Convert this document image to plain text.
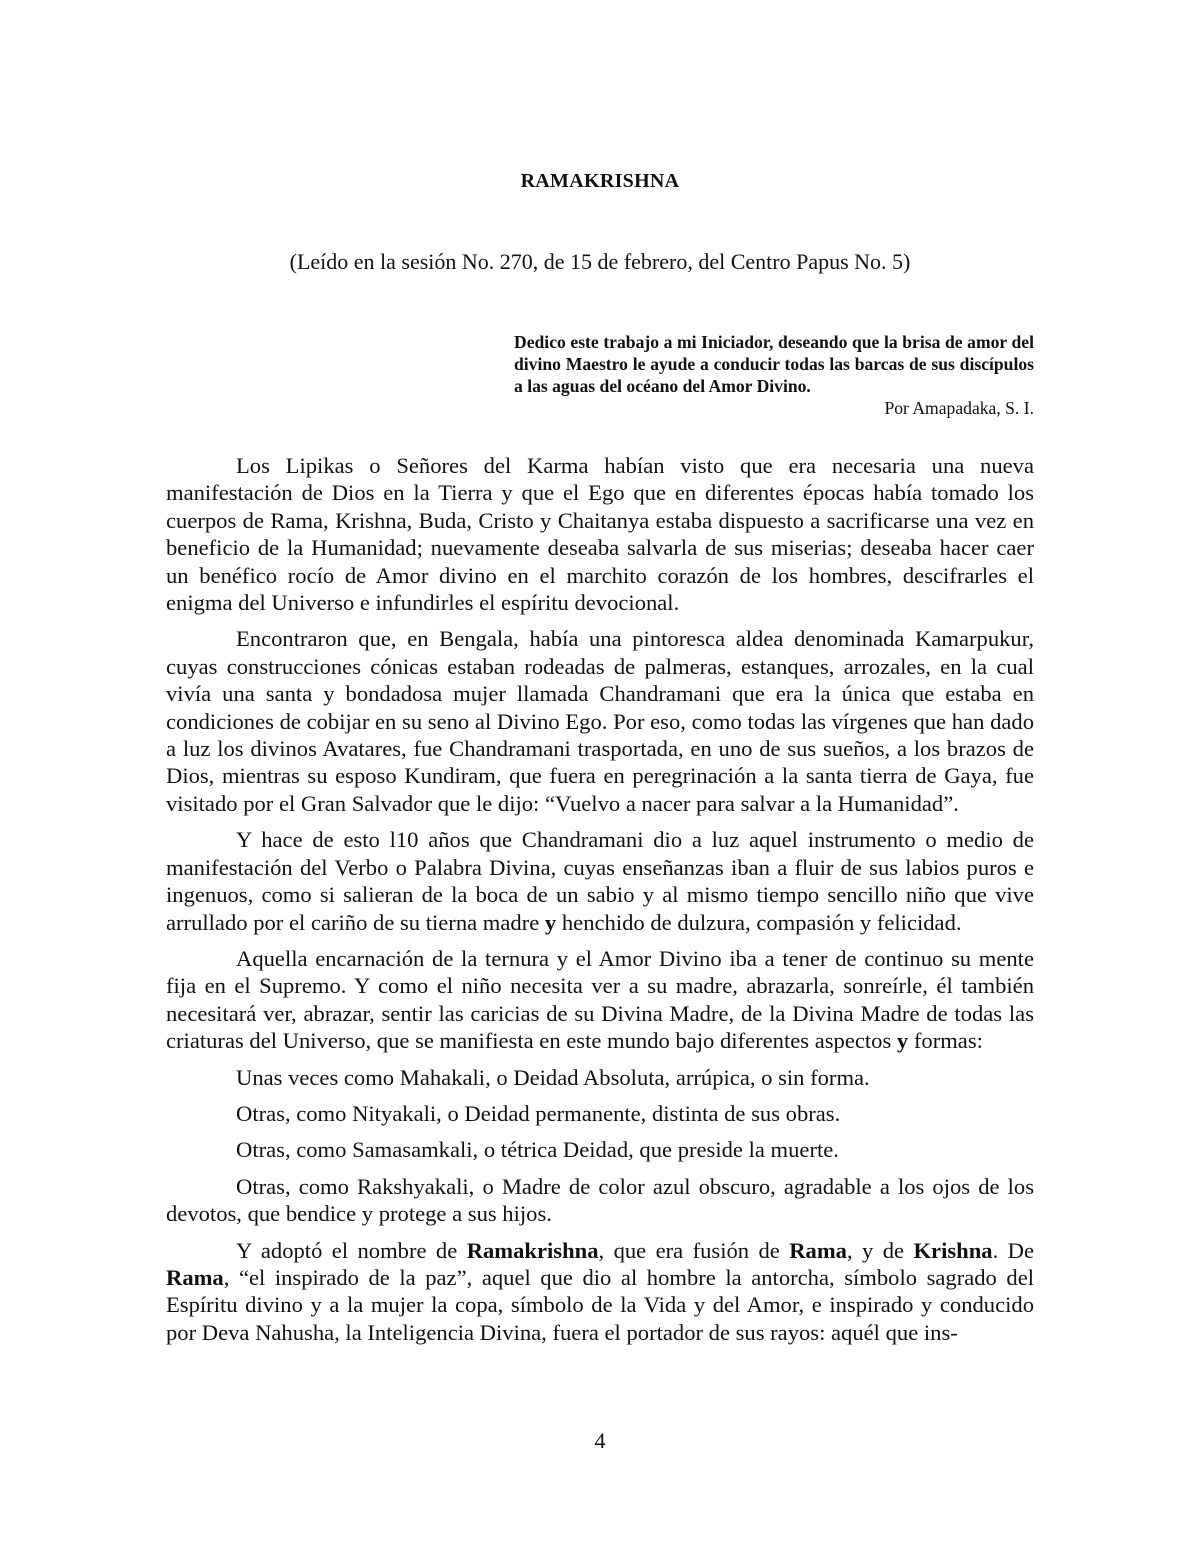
RAMAKRISHNA
(Leído en la sesión No. 270, de 15 de febrero, del Centro Papus No. 5)
Dedico este trabajo a mi Iniciador, deseando que la brisa de amor del divino Maestro le ayude a conducir todas las barcas de sus discípulos a las aguas del océano del Amor Divino.
Por Amapadaka, S. I.

Los Lipikas o Señores del Karma habían visto que era necesaria una nueva manifestación de Dios en la Tierra y que el Ego que en diferentes épocas había tomado los cuerpos de Rama, Krishna, Buda, Cristo y Chaitanya estaba dispuesto a sacrificarse una vez en beneficio de la Humanidad; nuevamente deseaba salvarla de sus miserias; deseaba hacer caer un benéfico rocío de Amor divino en el marchito corazón de los hombres, descifrarles el enigma del Universo e infundirles el espíritu devocional.

Encontraron que, en Bengala, había una pintoresca aldea denominada Kamarpukur, cuyas construcciones cónicas estaban rodeadas de palmeras, estanques, arrozales, en la cual vivía una santa y bondadosa mujer llamada Chandramani que era la única que estaba en condiciones de cobijar en su seno al Divino Ego. Por eso, como todas las vírgenes que han dado a luz los divinos Avatares, fue Chandramani trasportada, en uno de sus sueños, a los brazos de Dios, mientras su esposo Kundiram, que fuera en peregrinación a la santa tierra de Gaya, fue visitado por el Gran Salvador que le dijo: “Vuelvo a nacer para salvar a la Humanidad”.

Y hace de esto l10 años que Chandramani dio a luz aquel instrumento o medio de manifestación del Verbo o Palabra Divina, cuyas enseñanzas iban a fluir de sus labios puros e ingenuos, como si salieran de la boca de un sabio y al mismo tiempo sencillo niño que vive arrullado por el cariño de su tierna madre y henchido de dulzura, compasión y felicidad.

Aquella encarnación de la ternura y el Amor Divino iba a tener de continuo su mente fija en el Supremo. Y como el niño necesita ver a su madre, abrazarla, sonreírle, él también necesitará ver, abrazar, sentir las caricias de su Divina Madre, de la Divina Madre de todas las criaturas del Universo, que se manifiesta en este mundo bajo diferentes aspectos y formas:

Unas veces como Mahakali, o Deidad Absoluta, arrúpica, o sin forma.

Otras, como Nityakali, o Deidad permanente, distinta de sus obras.

Otras, como Samasamkali, o tétrica Deidad, que preside la muerte.

Otras, como Rakshyakali, o Madre de color azul obscuro, agradable a los ojos de los devotos, que bendice y protege a sus hijos.

Y adoptó el nombre de Ramakrishna, que era fusión de Rama, y de Krishna. De Rama, “el inspirado de la paz”, aquel que dio al hombre la antorcha, símbolo sagrado del Espíritu divino y a la mujer la copa, símbolo de la Vida y del Amor, e inspirado y conducido por Deva Nahusha, la Inteligencia Divina, fuera el portador de sus rayos: aquél que ins-

4
